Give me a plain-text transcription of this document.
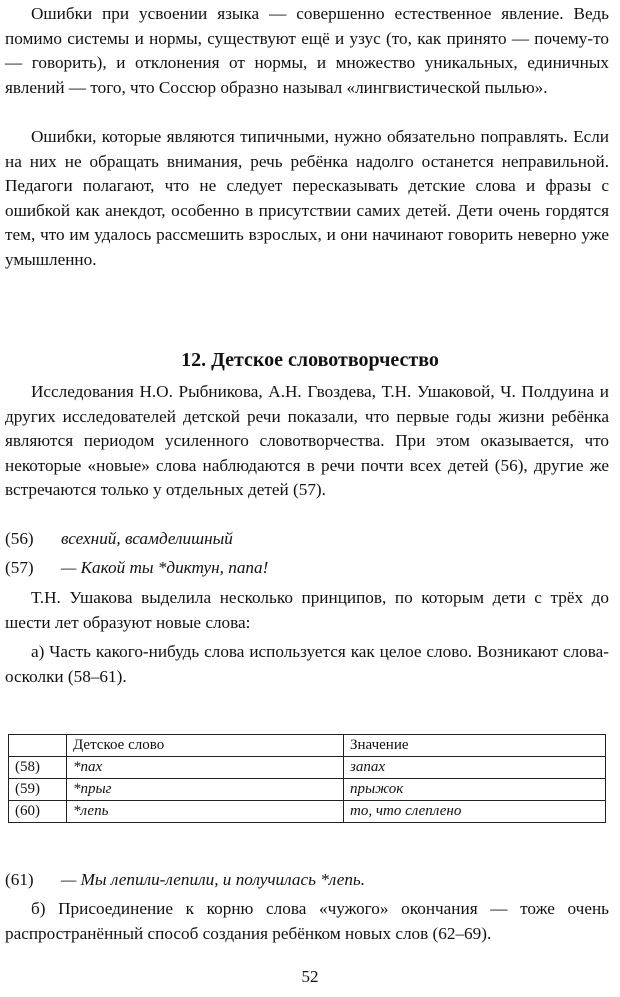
Ошибки при усвоении языка — совершенно естественное явление. Ведь помимо системы и нормы, существуют ещё и узус (то, как принято — почему-то — говорить), и отклонения от нормы, и множество уникальных, единичных явлений — того, что Соссюр образно называл «лингвистической пылью».

Ошибки, которые являются типичными, нужно обязательно поправлять. Если на них не обращать внимания, речь ребёнка надолго останется неправильной. Педагоги полагают, что не следует пересказывать детские слова и фразы с ошибкой как анекдот, особенно в присутствии самих детей. Дети очень гордятся тем, что им удалось рассмешить взрослых, и они начинают говорить неверно уже умышленно.

12. Детское словотворчество

Исследования Н.О. Рыбникова, А.Н. Гвоздева, Т.Н. Ушаковой, Ч. Полдуина и других исследователей детской речи показали, что первые годы жизни ребёнка являются периодом усиленного словотворчества. При этом оказывается, что некоторые «новые» слова наблюдаются в речи почти всех детей (56), другие же встречаются только у отдельных детей (57).

(56) всехний, всамделишный
(57) — Какой ты *диктун, папа!

Т.Н. Ушакова выделила несколько принципов, по которым дети с трёх до шести лет образуют новые слова:

а) Часть какого-нибудь слова используется как целое слово. Возникают слова-осколки (58–61).

	Детское слово	Значение
(58)	*пах	запах
(59)	*прыг	прыжок
(60)	*лепь	то, что слеплено
(61) — Мы лепили-лепили, и получилась *лепь.

б) Присоединение к корню слова «чужого» окончания — тоже очень распространённый способ создания ребёнком новых слов (62–69).

52
